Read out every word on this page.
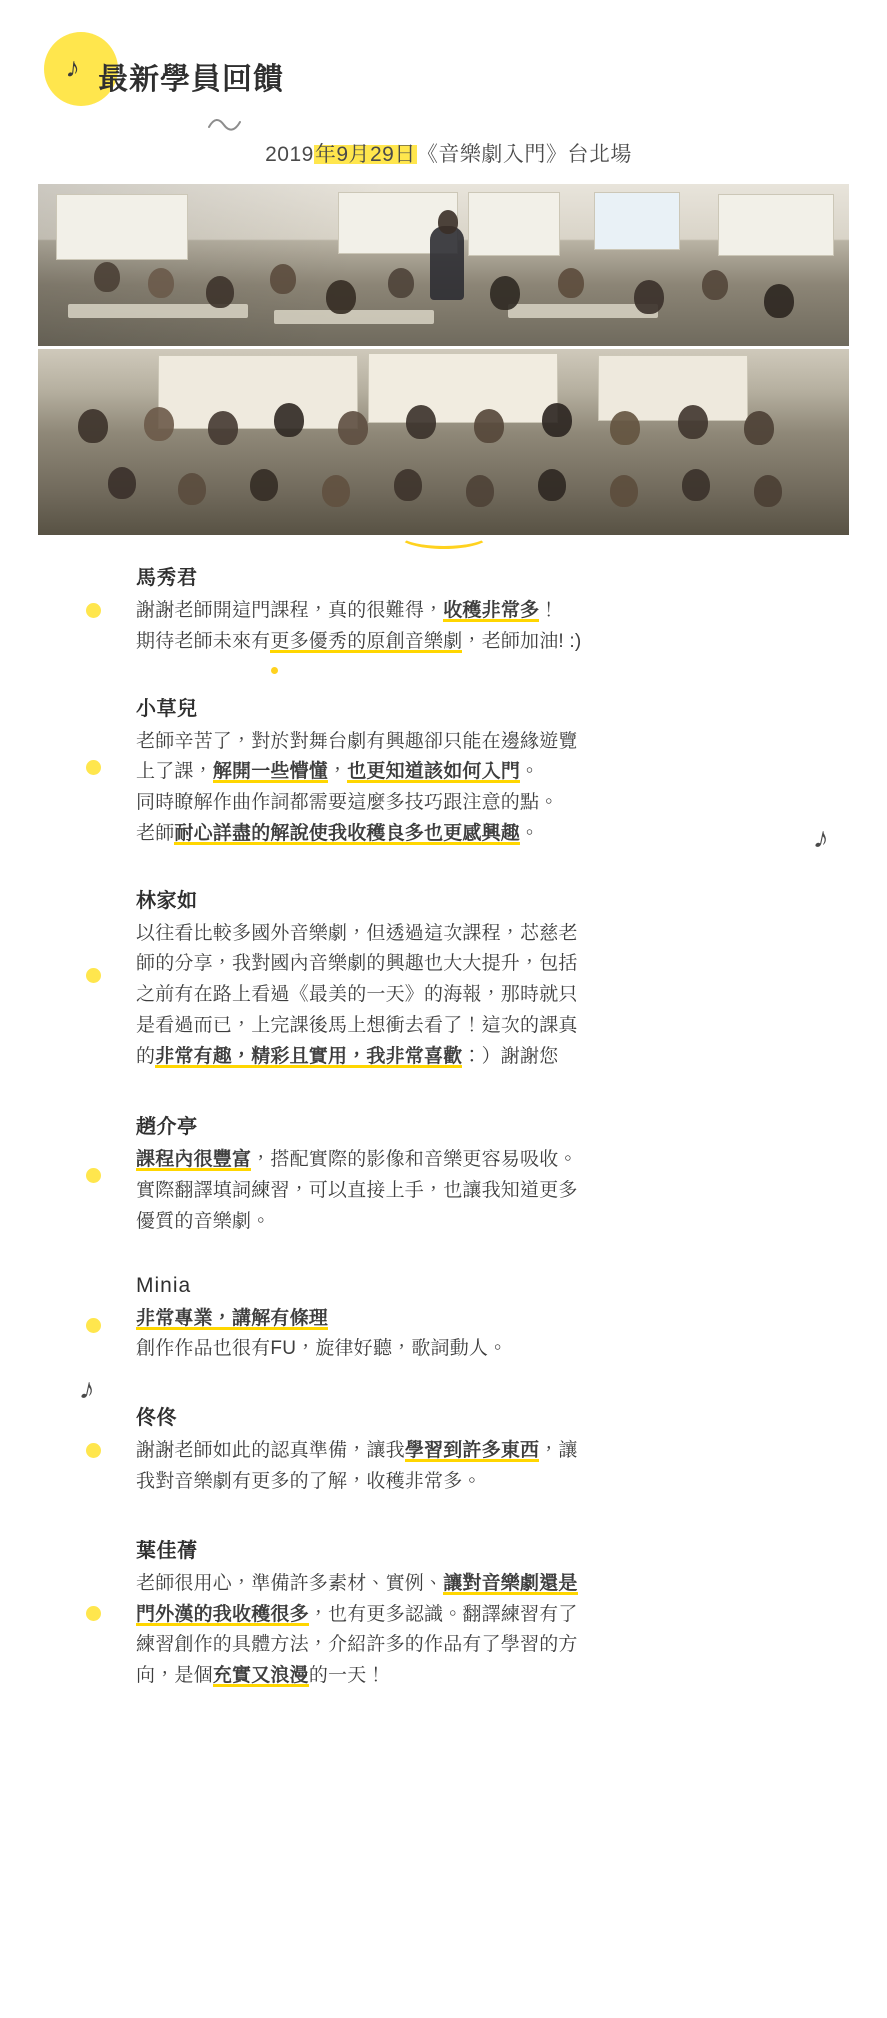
♪ 最新學員回饋
2019年9月29日《音樂劇入門》台北場
馬秀君
謝謝老師開這門課程，真的很難得，收穫非常多！
期待老師未來有更多優秀的原創音樂劇，老師加油! :)
小草兒
老師辛苦了，對於對舞台劇有興趣卻只能在邊緣遊覽
上了課，解開一些懵懂，也更知道該如何入門。
同時瞭解作曲作詞都需要這麼多技巧跟注意的點。
老師耐心詳盡的解說使我收穫良多也更感興趣。	♪
林家如
以往看比較多國外音樂劇，但透過這次課程，芯慈老
師的分享，我對國內音樂劇的興趣也大大提升，包括
之前有在路上看過《最美的一天》的海報，那時就只
是看過而已，上完課後馬上想衝去看了！這次的課真
的非常有趣，精彩且實用，我非常喜歡：）謝謝您
趙介亭
課程內很豐富，搭配實際的影像和音樂更容易吸收。
實際翻譯填詞練習，可以直接上手，也讓我知道更多
優質的音樂劇。
Minia
非常專業，講解有條理
創作作品也很有FU，旋律好聽，歌詞動人。
♪
佟佟
謝謝老師如此的認真準備，讓我學習到許多東西，讓
我對音樂劇有更多的了解，收穫非常多。
葉佳蒨
老師很用心，準備許多素材、實例、讓對音樂劇還是
門外漢的我收穫很多，也有更多認識。翻譯練習有了
練習創作的具體方法，介紹許多的作品有了學習的方
向，是個充實又浪漫的一天！
